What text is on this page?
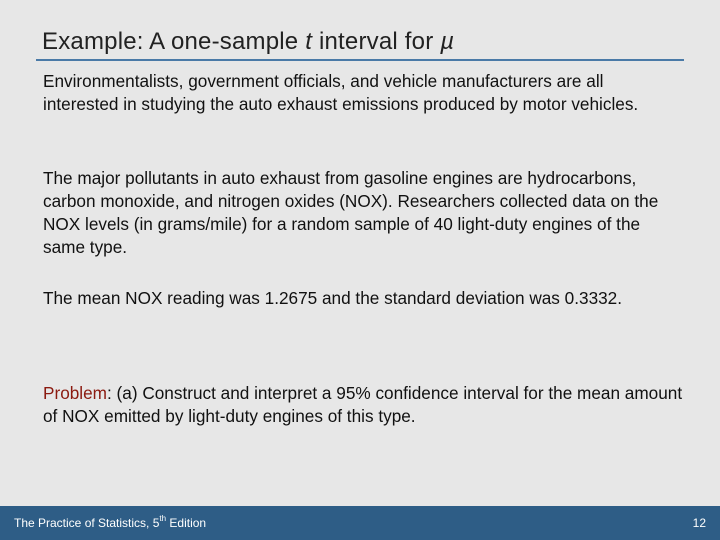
Example: A one-sample t interval for µ
Environmentalists, government officials, and vehicle manufacturers are all interested in studying the auto exhaust emissions produced by motor vehicles.
The major pollutants in auto exhaust from gasoline engines are hydrocarbons, carbon monoxide, and nitrogen oxides (NOX). Researchers collected data on the NOX levels (in grams/mile) for a random sample of 40 light-duty engines of the same type.
The mean NOX reading was 1.2675 and the standard deviation was 0.3332.
Problem: (a) Construct and interpret a 95% confidence interval for the mean amount of NOX emitted by light-duty engines of this type.
The Practice of Statistics, 5th Edition	12
